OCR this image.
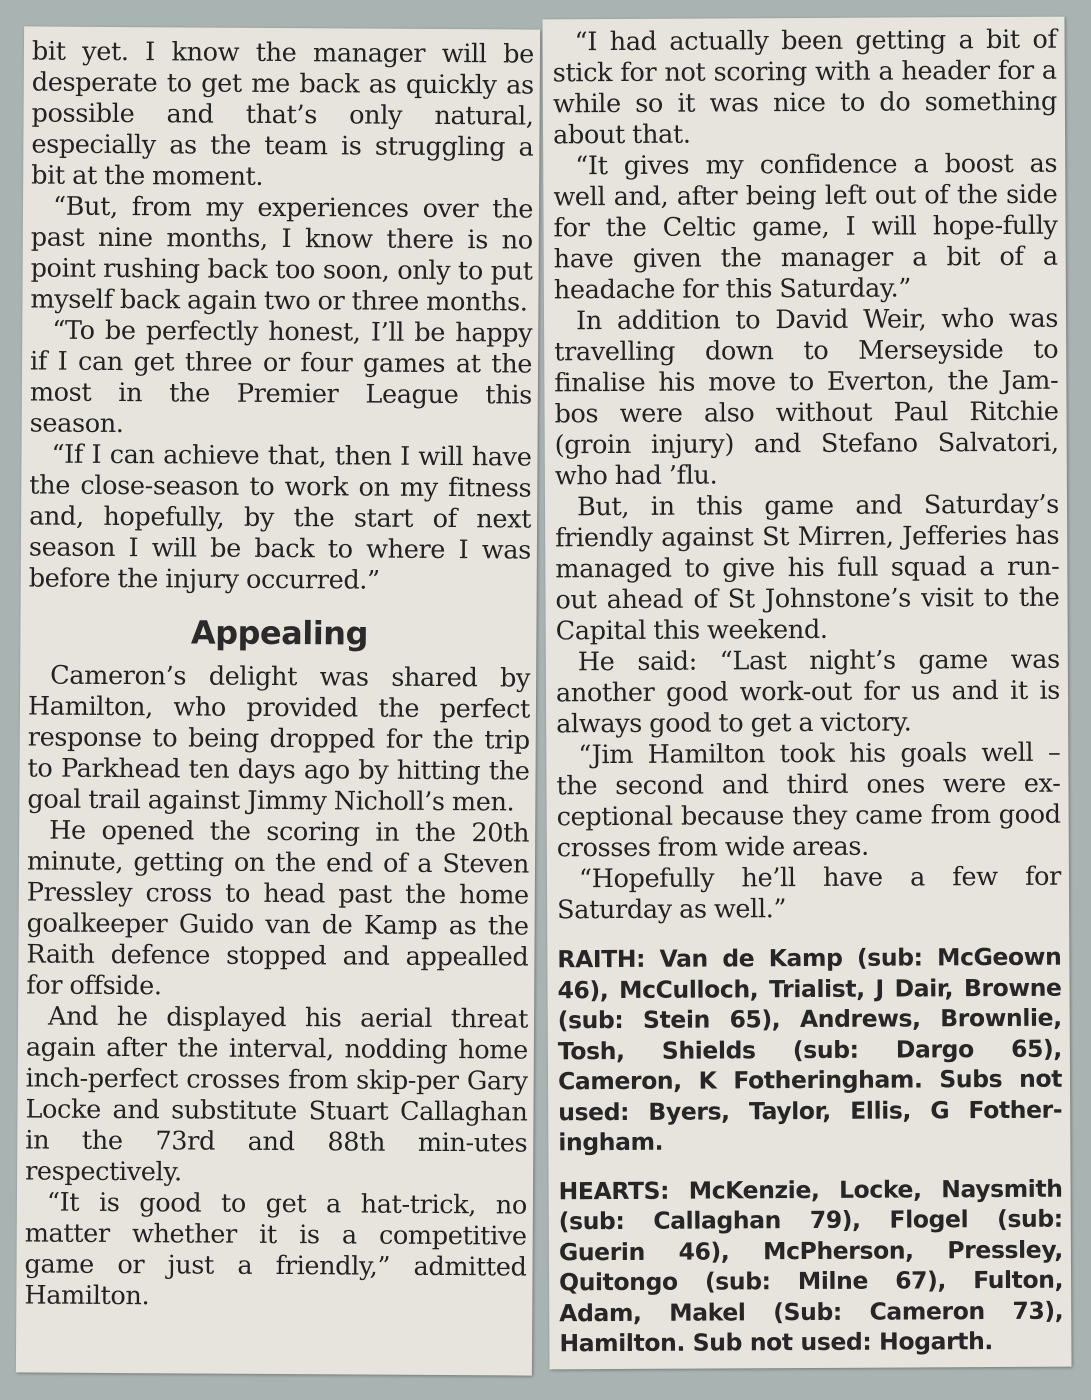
bit yet. I know the manager will be desperate to get me back as quickly as possible and that’s only natural, especially as the team is struggling a bit at the moment.

“But, from my experiences over the past nine months, I know there is no point rushing back too soon, only to put myself back again two or three months.

“To be perfectly honest, I’ll be happy if I can get three or four games at the most in the Premier League this season.

“If I can achieve that, then I will have the close-season to work on my fitness and, hopefully, by the start of next season I will be back to where I was before the injury occurred.”

Appealing

Cameron’s delight was shared by Hamilton, who provided the perfect response to being dropped for the trip to Parkhead ten days ago by hitting the goal trail against Jimmy Nicholl’s men.

He opened the scoring in the 20th minute, getting on the end of a Steven Pressley cross to head past the home goalkeeper Guido van de Kamp as the Raith defence stopped and appealled for offside.

And he displayed his aerial threat again after the interval, nodding home inch-perfect crosses from skip-per Gary Locke and substitute Stuart Callaghan in the 73rd and 88th min-utes respectively.

“It is good to get a hat-trick, no matter whether it is a competitive game or just a friendly,” admitted Hamilton.

“I had actually been getting a bit of stick for not scoring with a header for a while so it was nice to do something about that.

“It gives my confidence a boost as well and, after being left out of the side for the Celtic game, I will hope-fully have given the manager a bit of a headache for this Saturday.”

In addition to David Weir, who was travelling down to Merseyside to finalise his move to Everton, the Jam-bos were also without Paul Ritchie (groin injury) and Stefano Salvatori, who had ’flu.

But, in this game and Saturday’s friendly against St Mirren, Jefferies has managed to give his full squad a run-out ahead of St Johnstone’s visit to the Capital this weekend.

He said: “Last night’s game was another good work-out for us and it is always good to get a victory.

“Jim Hamilton took his goals well – the second and third ones were ex-ceptional because they came from good crosses from wide areas.

“Hopefully he’ll have a few for Saturday as well.”

RAITH: Van de Kamp (sub: McGeown 46), McCulloch, Trialist, J Dair, Browne (sub: Stein 65), Andrews, Brownlie, Tosh, Shields (sub: Dargo 65), Cameron, K Fotheringham. Subs not used: Byers, Taylor, Ellis, G Fother-ingham.

HEARTS: McKenzie, Locke, Naysmith (sub: Callaghan 79), Flogel (sub: Guerin 46), McPherson, Pressley, Quitongo (sub: Milne 67), Fulton, Adam, Makel (Sub: Cameron 73), Hamilton. Sub not used: Hogarth.
